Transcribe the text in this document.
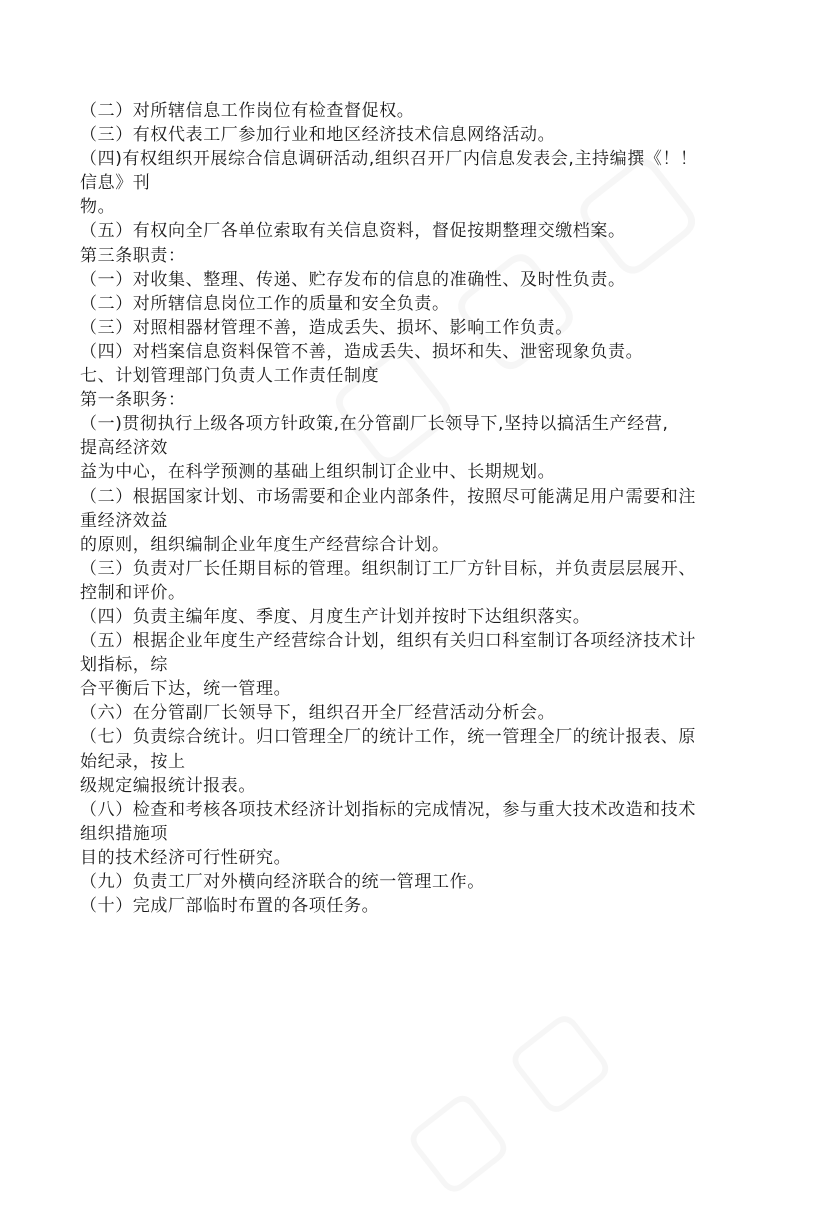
（二）对所辖信息工作岗位有检查督促权。
（三）有权代表工厂参加行业和地区经济技术信息网络活动。
（四)有权组织开展综合信息调研活动,组织召开厂内信息发表会,主持编撰《！！
信息》刊
物。
（五）有权向全厂各单位索取有关信息资料，督促按期整理交缴档案。
第三条职责：
（一）对收集、整理、传递、贮存发布的信息的准确性、及时性负责。
（二）对所辖信息岗位工作的质量和安全负责。
（三）对照相器材管理不善，造成丢失、损坏、影响工作负责。
（四）对档案信息资料保管不善，造成丢失、损坏和失、泄密现象负责。
七、计划管理部门负责人工作责任制度
第一条职务：
（一)贯彻执行上级各项方针政策,在分管副厂长领导下,坚持以搞活生产经营,
提高经济效
益为中心，在科学预测的基础上组织制订企业中、长期规划。
（二）根据国家计划、市场需要和企业内部条件，按照尽可能满足用户需要和注
重经济效益
的原则，组织编制企业年度生产经营综合计划。
（三）负责对厂长任期目标的管理。组织制订工厂方针目标，并负责层层展开、
控制和评价。
（四）负责主编年度、季度、月度生产计划并按时下达组织落实。
（五）根据企业年度生产经营综合计划，组织有关归口科室制订各项经济技术计
划指标，综
合平衡后下达，统一管理。
（六）在分管副厂长领导下，组织召开全厂经营活动分析会。
（七）负责综合统计。归口管理全厂的统计工作，统一管理全厂的统计报表、原
始纪录，按上
级规定编报统计报表。
（八）检查和考核各项技术经济计划指标的完成情况，参与重大技术改造和技术
组织措施项
目的技术经济可行性研究。
（九）负责工厂对外横向经济联合的统一管理工作。
（十）完成厂部临时布置的各项任务。
